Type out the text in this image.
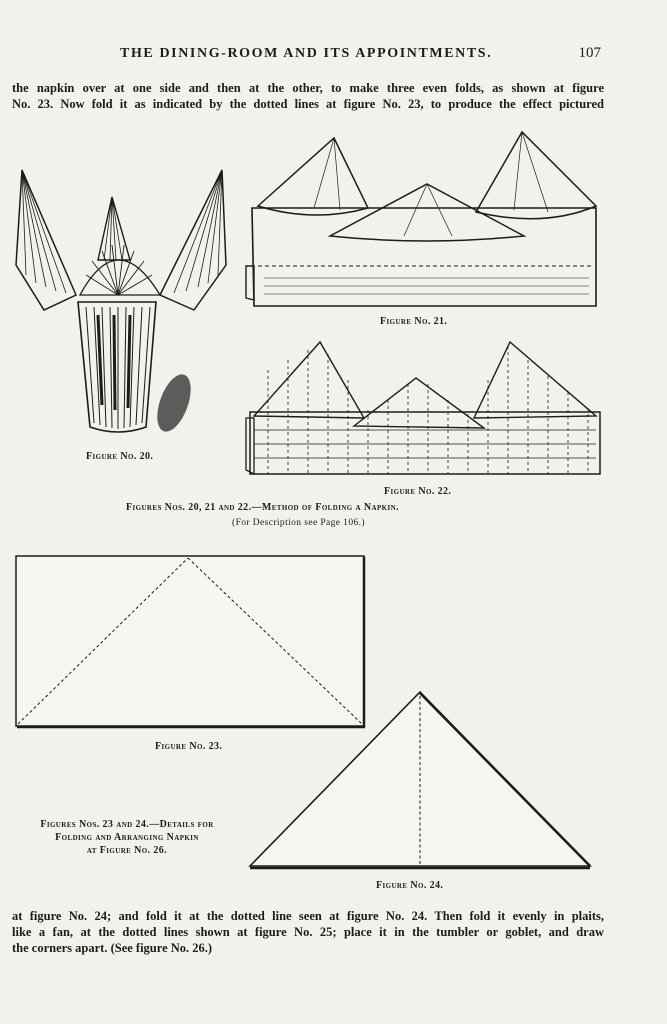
THE DINING-ROOM AND ITS APPOINTMENTS.	107
the napkin over at one side and then at the other, to make three even folds, as shown at figure
No. 23. Now fold it as indicated by the dotted lines at figure No. 23, to produce the effect pictured
Figure No. 20.
Figure No. 21.
Figure No. 22.
Figures Nos. 20, 21 and 22.—Method of Folding a Napkin.
(For Description see Page 106.)
Figure No. 23.
Figure No. 24.
Figures Nos. 23 and 24.—Details for
Folding and Arranging Napkin
at Figure No. 26.
at figure No. 24; and fold it at the dotted line seen at figure No. 24. Then fold it evenly in plaits,
like a fan, at the dotted lines shown at figure No. 25; place it in the tumbler or goblet, and draw
the corners apart. (See figure No. 26.)
